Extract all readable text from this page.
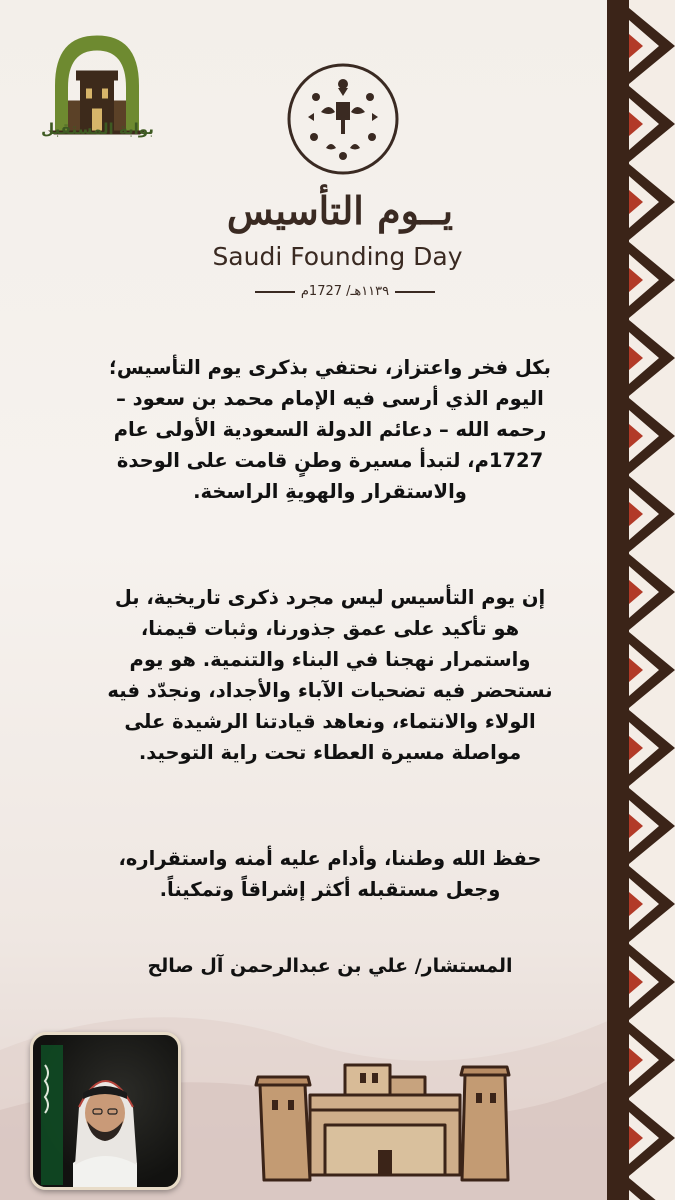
بوابة المستقبل
يــوم التأسيس
Saudi Founding Day
١١٣٩هـ/ 1727م
بكل فخر واعتزاز، نحتفي بذكرى يوم التأسيس؛ اليوم الذي أرسى فيه الإمام محمد بن سعود – رحمه الله – دعائم الدولة السعودية الأولى عام 1727م، لتبدأ مسيرة وطنٍ قامت على الوحدة والاستقرار والهويةِ الراسخة.
إن يوم التأسيس ليس مجرد ذكرى تاريخية، بل هو تأكيد على عمق جذورنا، وثبات قيمنا، واستمرار نهجنا في البناء والتنمية. هو يوم نستحضر فيه تضحيات الآباء والأجداد، ونجدّد فيه الولاء والانتماء، ونعاهد قيادتنا الرشيدة على مواصلة مسيرة العطاء تحت راية التوحيد.
حفظ الله وطننا، وأدام عليه أمنه واستقراره، وجعل مستقبله أكثر إشراقاً وتمكيناً.
المستشار/ علي بن عبدالرحمن آل صالح
